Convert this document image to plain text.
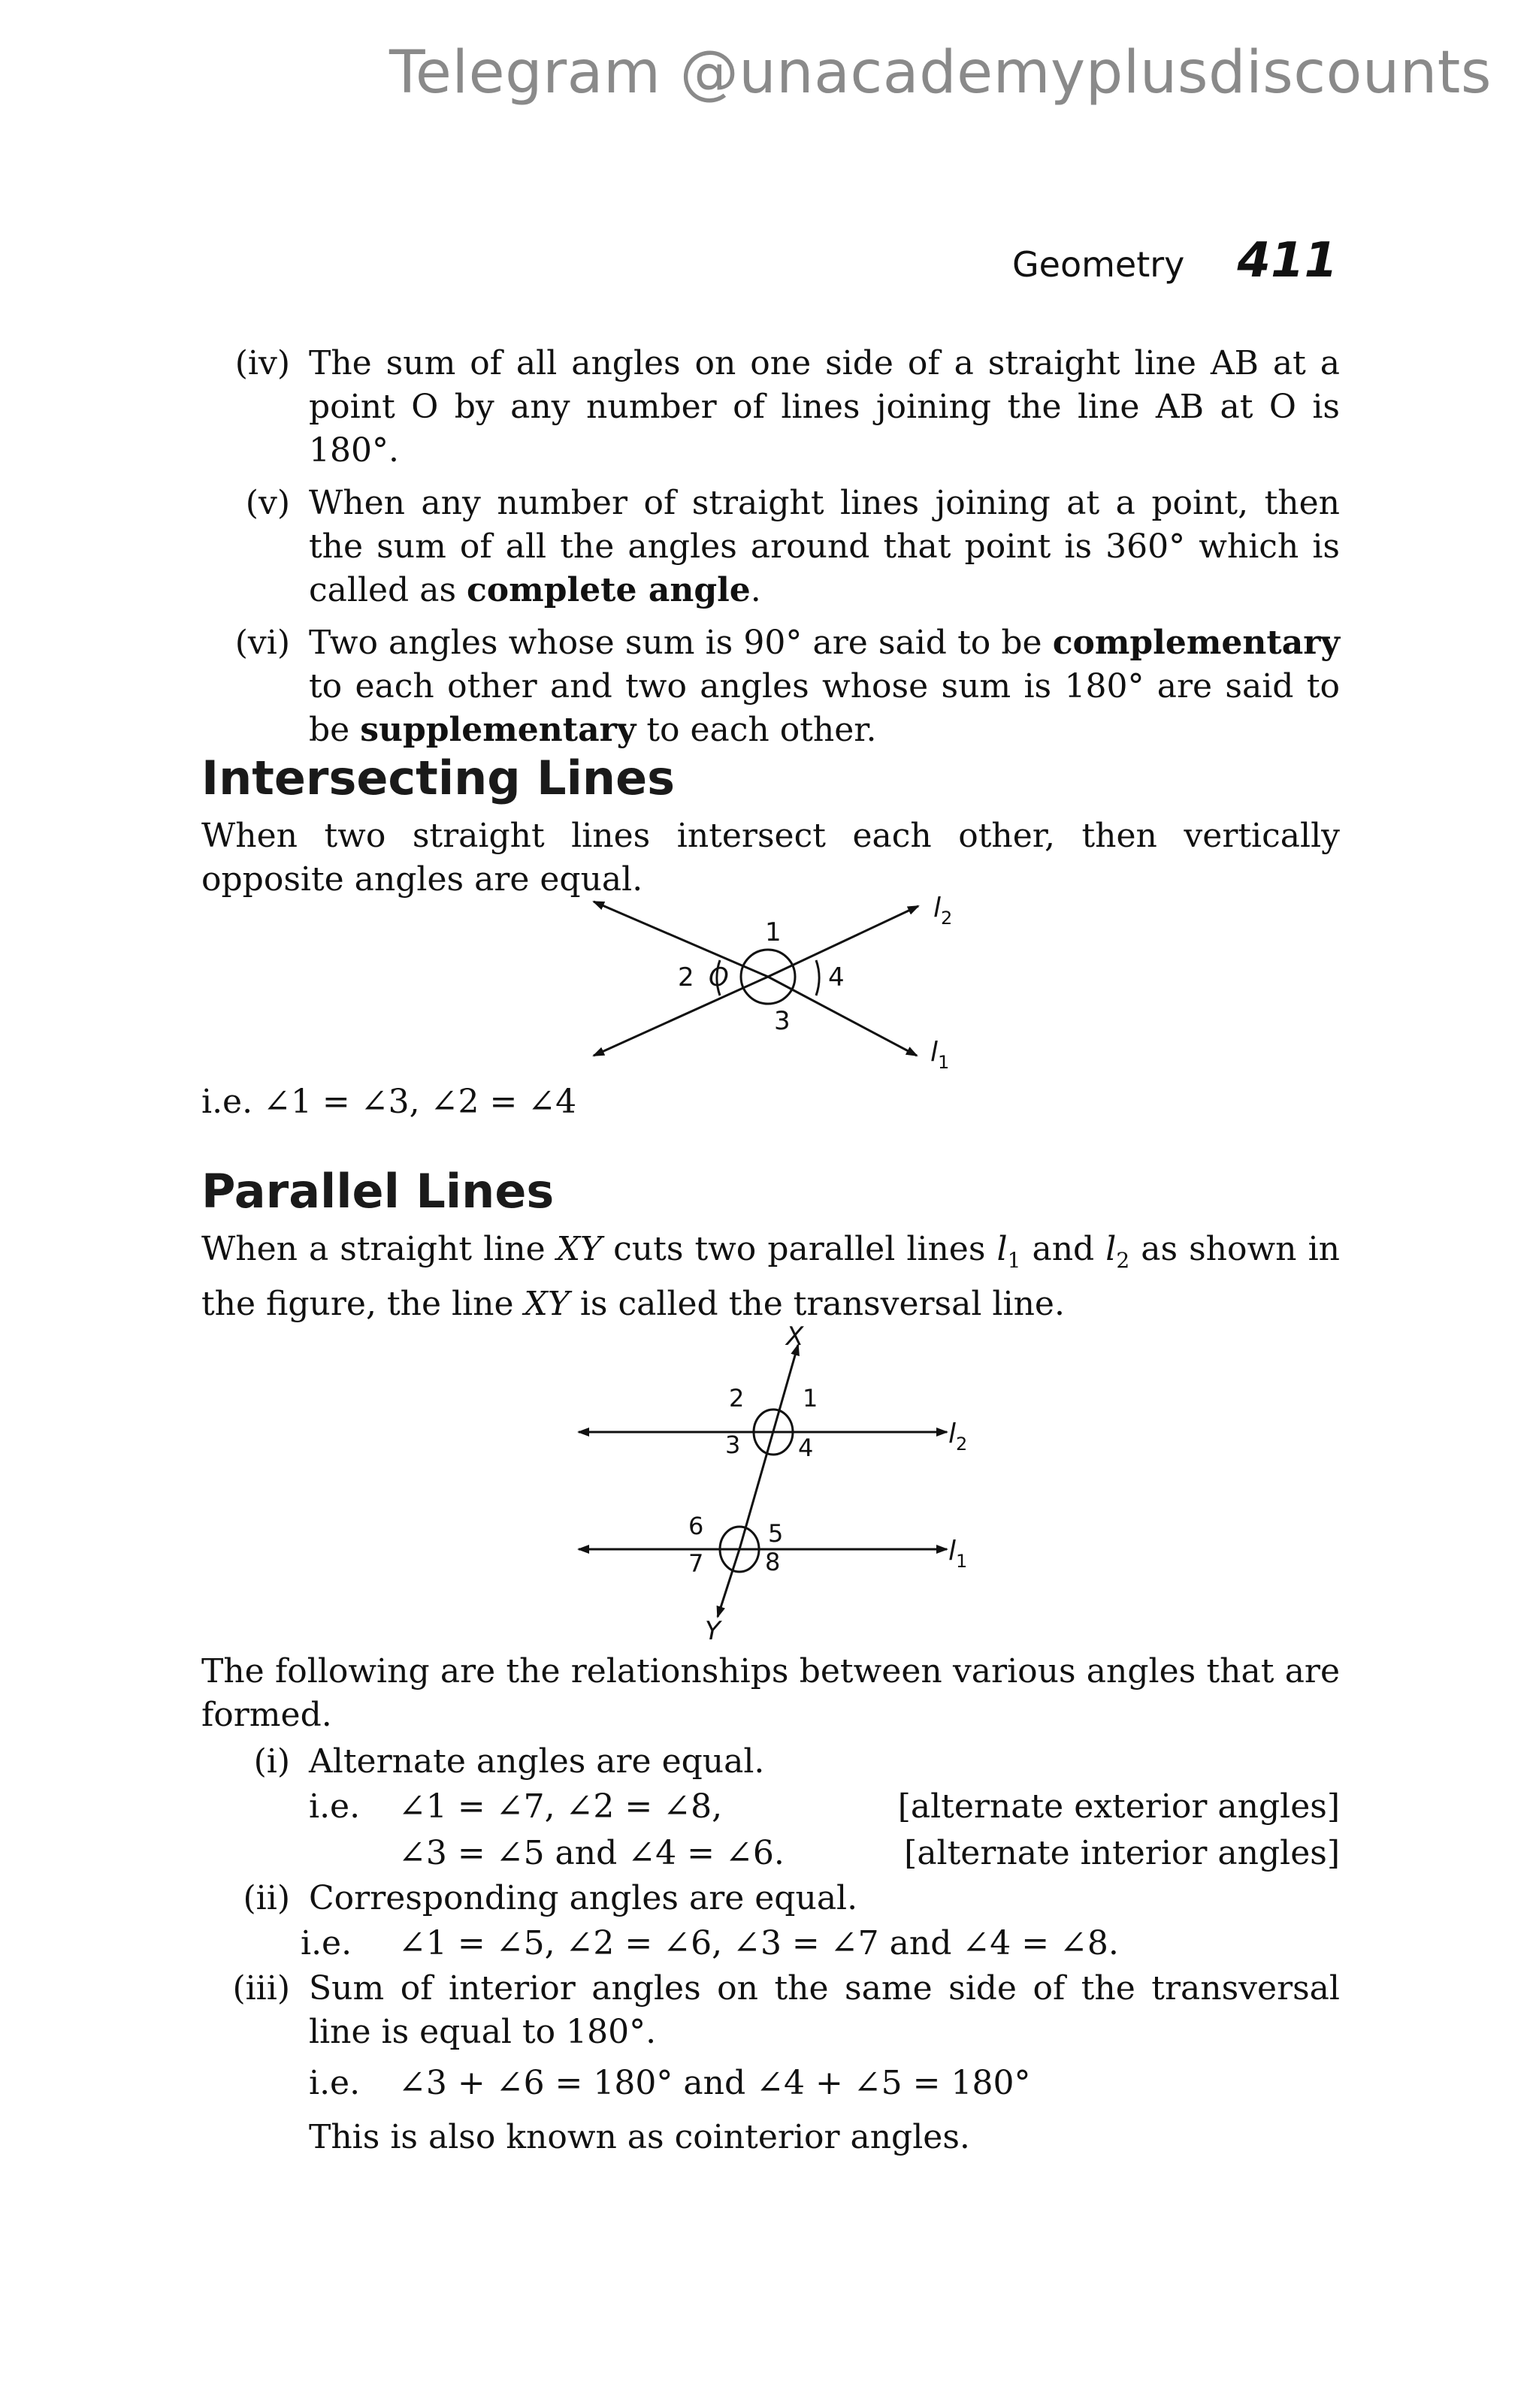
Telegram @unacademyplusdiscounts
Geometry 411
(iv) The sum of all angles on one side of a straight line AB at a point O by any number of lines joining the line AB at O is 180°.
(v) When any number of straight lines joining at a point, then the sum of all the angles around that point is 360° which is called as complete angle.
(vi) Two angles whose sum is 90° are said to be complementary to each other and two angles whose sum is 180° are said to be supplementary to each other.
Intersecting Lines

When two straight lines intersect each other, then vertically opposite angles are equal.

1
2 O	4
3
$l_2$
$l_1$

i.e. ∠1 = ∠3, ∠2 = ∠4

Parallel Lines

When a straight line XY cuts two parallel lines $l_1$ and $l_2$ as shown in the figure, the line XY is called the transversal line.

X
Y
2 1
3 4
6	5
7	8
$l_2$
$l_1$

The following are the relationships between various angles that are formed.

(i) Alternate angles are equal.
i.e. ∠1 = ∠7, ∠2 = ∠8,	[alternate exterior angles]
∠3 = ∠5 and ∠4 = ∠6.	[alternate interior angles]
(ii) Corresponding angles are equal.
i.e. ∠1 = ∠5, ∠2 = ∠6, ∠3 = ∠7 and ∠4 = ∠8.
(iii) Sum of interior angles on the same side of the transversal line is equal to 180°.
i.e. ∠3 + ∠6 = 180° and ∠4 + ∠5 = 180°
This is also known as cointerior angles.
